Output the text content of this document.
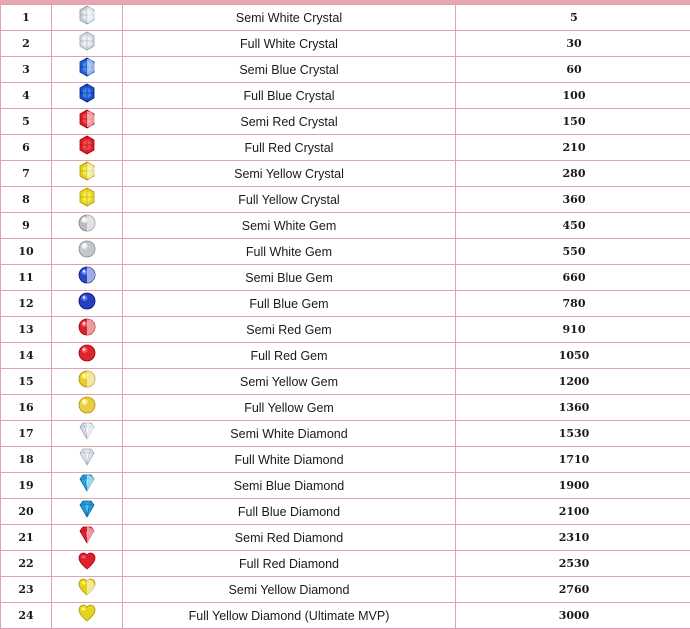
1		Semi White Crystal	5
2		Full White Crystal	30
3		Semi Blue Crystal	60
4		Full Blue Crystal	100
5		Semi Red Crystal	150
6		Full Red Crystal	210
7		Semi Yellow Crystal	280
8		Full Yellow Crystal	360
9		Semi White Gem	450
10		Full White Gem	550
11		Semi Blue Gem	660
12		Full Blue Gem	780
13		Semi Red Gem	910
14		Full Red Gem	1050
15		Semi Yellow Gem	1200
16		Full Yellow Gem	1360
17		Semi White Diamond	1530
18		Full White Diamond	1710
19		Semi Blue Diamond	1900
20		Full Blue Diamond	2100
21		Semi Red Diamond	2310
22		Full Red Diamond	2530
23		Semi Yellow Diamond	2760
24		Full Yellow Diamond (Ultimate MVP)	3000
